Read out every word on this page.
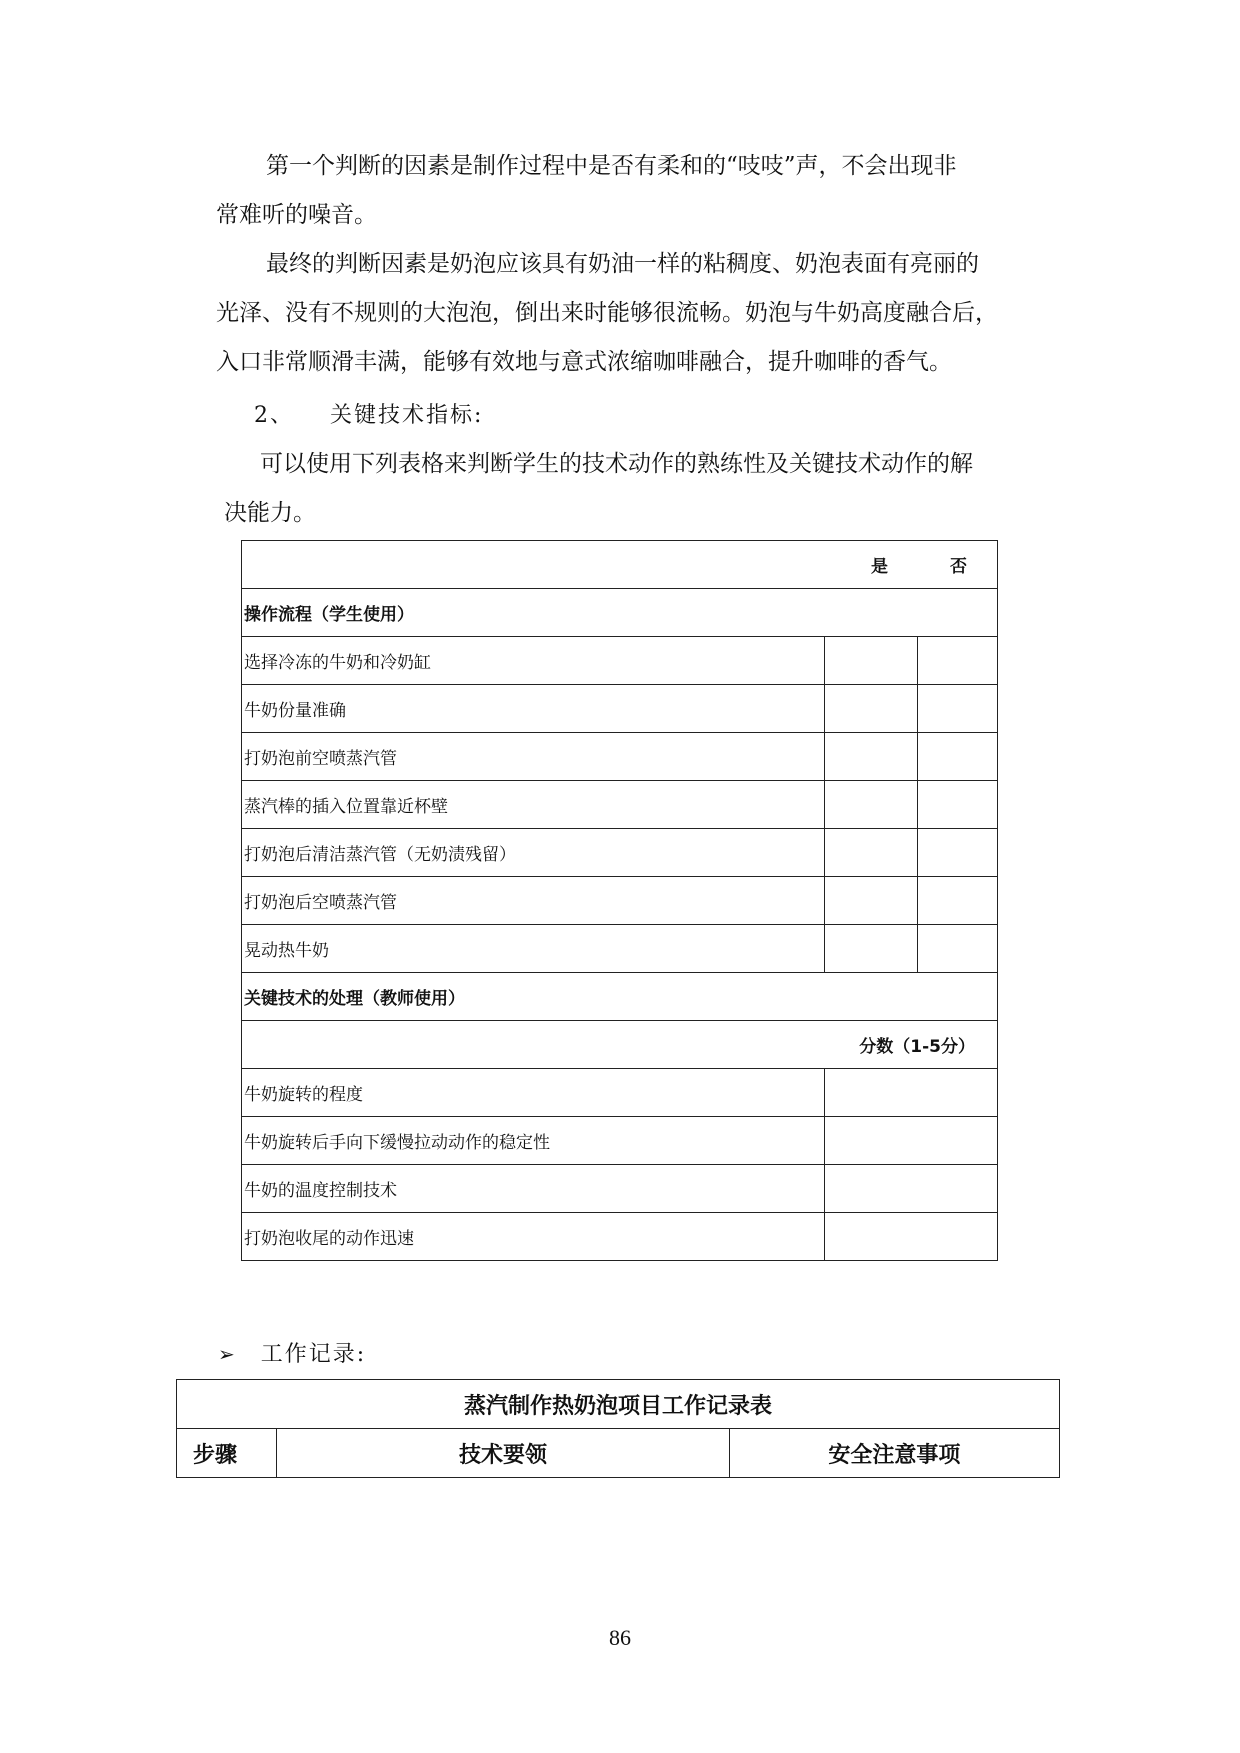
第一个判断的因素是制作过程中是否有柔和的“吱吱”声，不会出现非
常难听的噪音。

最终的判断因素是奶泡应该具有奶油一样的粘稠度、奶泡表面有亮丽的
光泽、没有不规则的大泡泡，倒出来时能够很流畅。奶泡与牛奶高度融合后，
入口非常顺滑丰满，能够有效地与意式浓缩咖啡融合，提升咖啡的香气。

2、 关键技术指标:

可以使用下列表格来判断学生的技术动作的熟练性及关键技术动作的解
决能力。

是 否		
操作流程（学生使用）		
选择冷冻的牛奶和冷奶缸		
牛奶份量准确		
打奶泡前空喷蒸汽管		
蒸汽棒的插入位置靠近杯壁		
打奶泡后清洁蒸汽管（无奶渍残留）		
打奶泡后空喷蒸汽管		
晃动热牛奶		
关键技术的处理（教师使用）		
分数（1-5分）		
牛奶旋转的程度		
牛奶旋转后手向下缓慢拉动动作的稳定性		
牛奶的温度控制技术		
打奶泡收尾的动作迅速		
➢ 工作记录:
蒸汽制作热奶泡项目工作记录表
步骤	技术要领	安全注意事项
86
